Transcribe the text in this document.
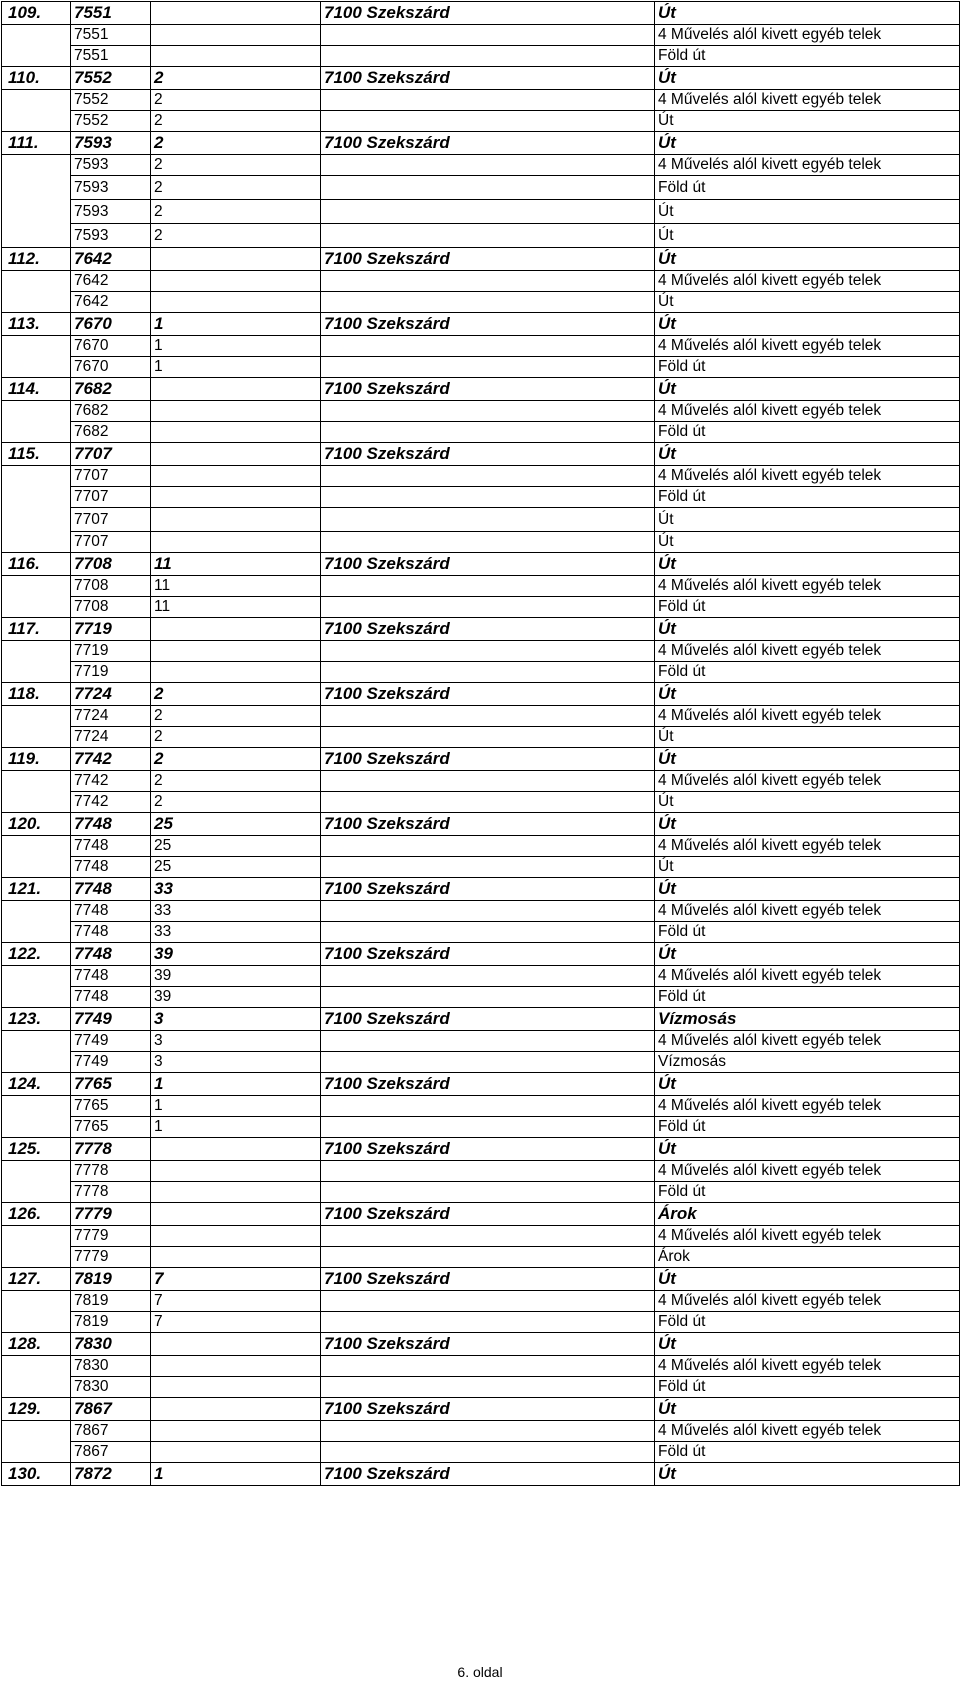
109.	7551		7100 Szekszárd	Út
	7551			4 Művelés alól kivett egyéb telek
	7551			Föld út
110.	7552	2	7100 Szekszárd	Út
	7552	2		4 Művelés alól kivett egyéb telek
	7552	2		Út
111.	7593	2	7100 Szekszárd	Út
	7593	2		4 Művelés alól kivett egyéb telek
	7593	2		Föld út
	7593	2		Út
	7593	2		Út
112.	7642		7100 Szekszárd	Út
	7642			4 Művelés alól kivett egyéb telek
	7642			Út
113.	7670	1	7100 Szekszárd	Út
	7670	1		4 Művelés alól kivett egyéb telek
	7670	1		Föld út
114.	7682		7100 Szekszárd	Út
	7682			4 Művelés alól kivett egyéb telek
	7682			Föld út
115.	7707		7100 Szekszárd	Út
	7707			4 Művelés alól kivett egyéb telek
	7707			Föld út
	7707			Út
	7707			Út
116.	7708	11	7100 Szekszárd	Út
	7708	11		4 Művelés alól kivett egyéb telek
	7708	11		Föld út
117.	7719		7100 Szekszárd	Út
	7719			4 Művelés alól kivett egyéb telek
	7719			Föld út
118.	7724	2	7100 Szekszárd	Út
	7724	2		4 Művelés alól kivett egyéb telek
	7724	2		Út
119.	7742	2	7100 Szekszárd	Út
	7742	2		4 Művelés alól kivett egyéb telek
	7742	2		Út
120.	7748	25	7100 Szekszárd	Út
	7748	25		4 Művelés alól kivett egyéb telek
	7748	25		Út
121.	7748	33	7100 Szekszárd	Út
	7748	33		4 Művelés alól kivett egyéb telek
	7748	33		Föld út
122.	7748	39	7100 Szekszárd	Út
	7748	39		4 Művelés alól kivett egyéb telek
	7748	39		Föld út
123.	7749	3	7100 Szekszárd	Vízmosás
	7749	3		4 Művelés alól kivett egyéb telek
	7749	3		Vízmosás
124.	7765	1	7100 Szekszárd	Út
	7765	1		4 Művelés alól kivett egyéb telek
	7765	1		Föld út
125.	7778		7100 Szekszárd	Út
	7778			4 Művelés alól kivett egyéb telek
	7778			Föld út
126.	7779		7100 Szekszárd	Árok
	7779			4 Művelés alól kivett egyéb telek
	7779			Árok
127.	7819	7	7100 Szekszárd	Út
	7819	7		4 Művelés alól kivett egyéb telek
	7819	7		Föld út
128.	7830		7100 Szekszárd	Út
	7830			4 Művelés alól kivett egyéb telek
	7830			Föld út
129.	7867		7100 Szekszárd	Út
	7867			4 Művelés alól kivett egyéb telek
	7867			Föld út
130.	7872	1	7100 Szekszárd	Út
6. oldal
